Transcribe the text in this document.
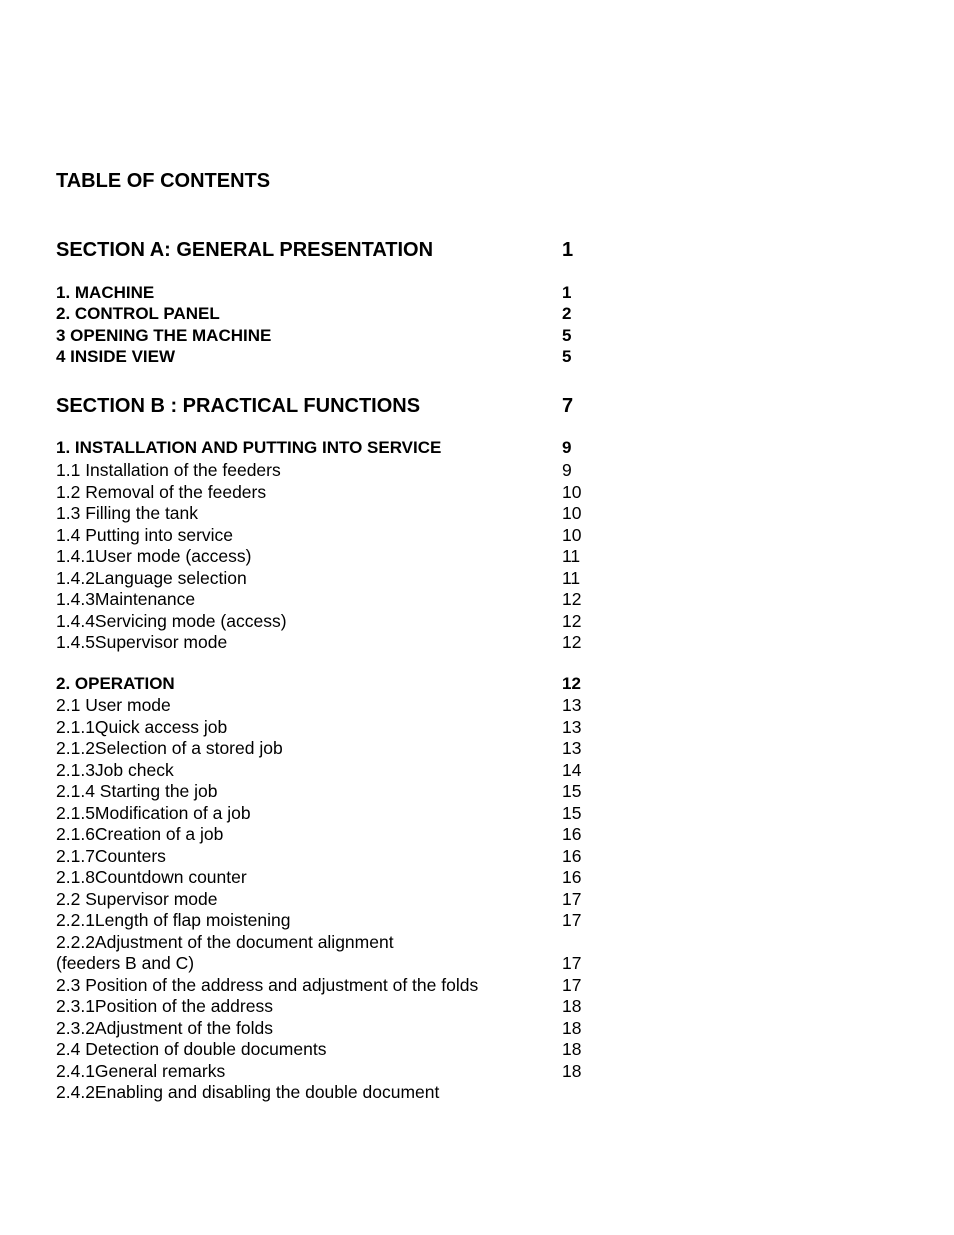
TABLE OF CONTENTS
SECTION A: GENERAL PRESENTATION	1
1. MACHINE	1
2. CONTROL PANEL	2
3 OPENING THE MACHINE	5
4 INSIDE VIEW	5
SECTION B : PRACTICAL FUNCTIONS	7
1. INSTALLATION AND PUTTING INTO SERVICE	9
1.1 Installation of the feeders	9
1.2 Removal of the feeders	10
1.3 Filling the tank	10
1.4 Putting into service	10
1.4.1User mode (access)	11
1.4.2Language selection	11
1.4.3Maintenance	12
1.4.4Servicing mode (access)	12
1.4.5Supervisor mode	12
2. OPERATION	12
2.1 User mode	13
2.1.1Quick access job	13
2.1.2Selection of a stored job	13
2.1.3Job check	14
2.1.4 Starting the job	15
2.1.5Modification of a job	15
2.1.6Creation of a job	16
2.1.7Counters	16
2.1.8Countdown counter	16
2.2 Supervisor mode	17
2.2.1Length of flap moistening	17
2.2.2Adjustment of the document alignment
(feeders B and C)	17
2.3 Position of the address and adjustment of the folds	17
2.3.1Position of the address	18
2.3.2Adjustment of the folds	18
2.4 Detection of double documents	18
2.4.1General remarks	18
2.4.2Enabling and disabling the double document
